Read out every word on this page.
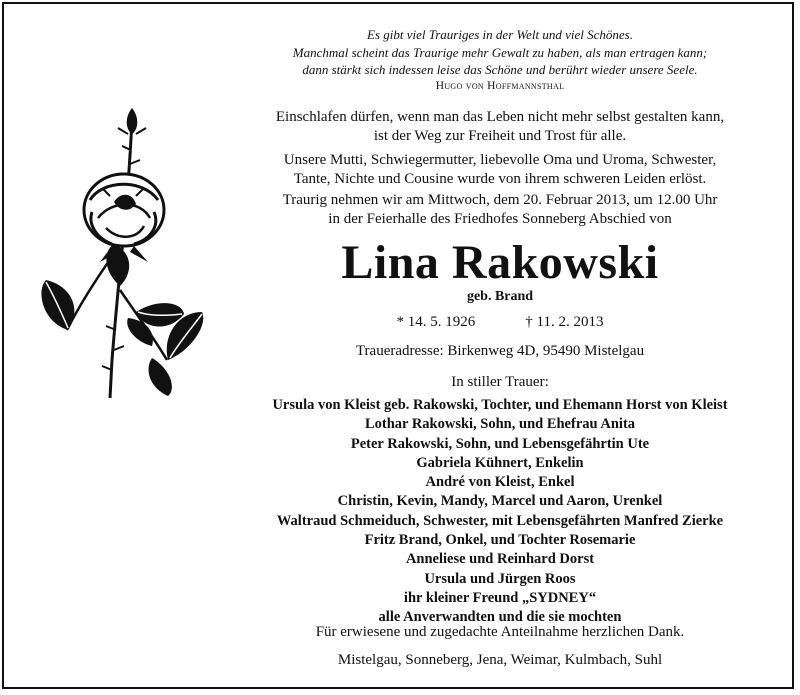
Es gibt viel Trauriges in der Welt und viel Schönes.
Manchmal scheint das Traurige mehr Gewalt zu haben, als man ertragen kann;
dann stärkt sich indessen leise das Schöne und berührt wieder unsere Seele.
Hugo von Hoffmannsthal
Einschlafen dürfen, wenn man das Leben nicht mehr selbst gestalten kann,
ist der Weg zur Freiheit und Trost für alle.
Unsere Mutti, Schwiegermutter, liebevolle Oma und Uroma, Schwester,
Tante, Nichte und Cousine wurde von ihrem schweren Leiden erlöst.
Traurig nehmen wir am Mittwoch, dem 20. Februar 2013, um 12.00 Uhr
in der Feierhalle des Friedhofes Sonneberg Abschied von
Lina Rakowski
geb. Brand
* 14. 5. 1926	† 11. 2. 2013
Traueradresse: Birkenweg 4D, 95490 Mistelgau
In stiller Trauer:
Ursula von Kleist geb. Rakowski, Tochter, und Ehemann Horst von Kleist
Lothar Rakowski, Sohn, und Ehefrau Anita
Peter Rakowski, Sohn, und Lebensgefährtin Ute
Gabriela Kühnert, Enkelin
André von Kleist, Enkel
Christin, Kevin, Mandy, Marcel und Aaron, Urenkel
Waltraud Schmeiduch, Schwester, mit Lebensgefährten Manfred Zierke
Fritz Brand, Onkel, und Tochter Rosemarie
Anneliese und Reinhard Dorst
Ursula und Jürgen Roos
ihr kleiner Freund „SYDNEY“
alle Anverwandten und die sie mochten
Für erwiesene und zugedachte Anteilnahme herzlichen Dank.
Mistelgau, Sonneberg, Jena, Weimar, Kulmbach, Suhl
